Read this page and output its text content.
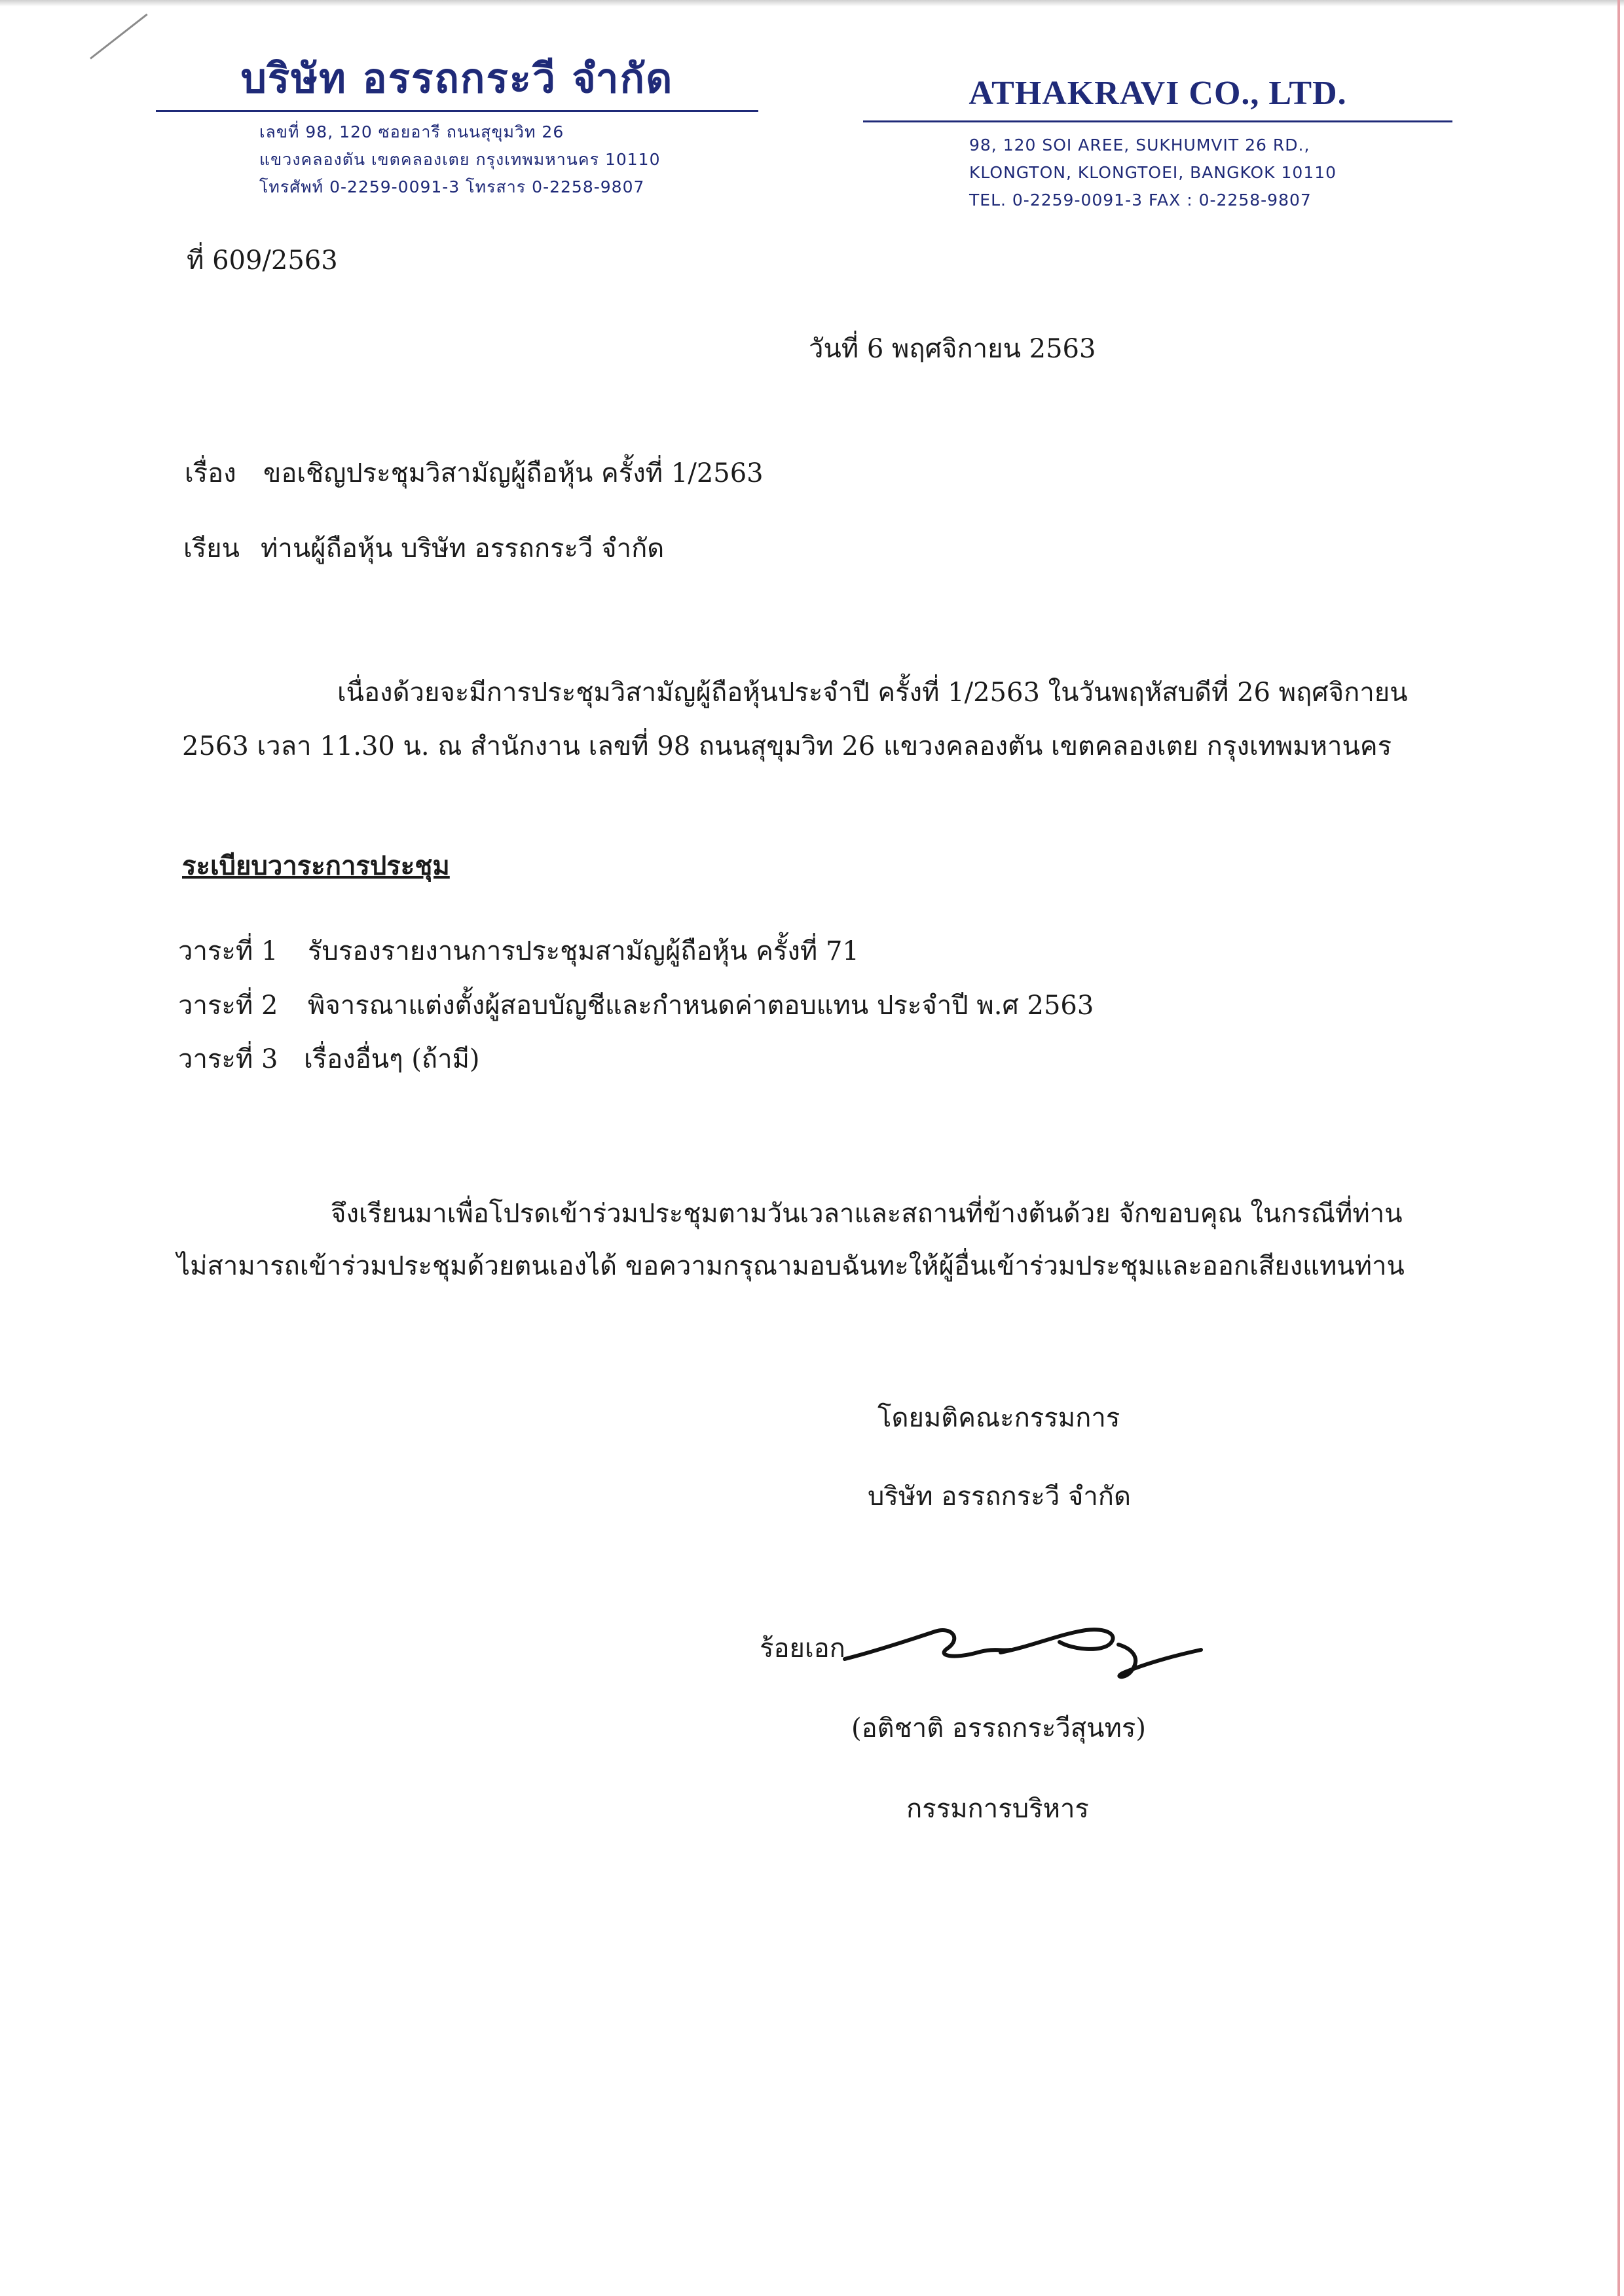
บริษัท อรรถกระวี จำกัด
เลขที่ 98, 120 ซอยอารี ถนนสุขุมวิท 26
แขวงคลองตัน เขตคลองเตย กรุงเทพมหานคร 10110
โทรศัพท์ 0-2259-0091-3 โทรสาร 0-2258-9807
ATHAKRAVI CO., LTD.
98, 120 SOI AREE, SUKHUMVIT 26 RD.,
KLONGTON, KLONGTOEI, BANGKOK 10110
TEL. 0-2259-0091-3 FAX : 0-2258-9807
ที่ 609/2563
วันที่ 6 พฤศจิกายน 2563
เรื่อง ขอเชิญประชุมวิสามัญผู้ถือหุ้น ครั้งที่ 1/2563
เรียน ท่านผู้ถือหุ้น บริษัท อรรถกระวี จำกัด
เนื่องด้วยจะมีการประชุมวิสามัญผู้ถือหุ้นประจำปี ครั้งที่ 1/2563 ในวันพฤหัสบดีที่ 26 พฤศจิกายน
2563 เวลา 11.30 น. ณ สำนักงาน เลขที่ 98 ถนนสุขุมวิท 26 แขวงคลองตัน เขตคลองเตย กรุงเทพมหานคร
ระเบียบวาระการประชุม
วาระที่ 1 รับรองรายงานการประชุมสามัญผู้ถือหุ้น ครั้งที่ 71
วาระที่ 2 พิจารณาแต่งตั้งผู้สอบบัญชีและกำหนดค่าตอบแทน ประจำปี พ.ศ 2563
วาระที่ 3 เรื่องอื่นๆ (ถ้ามี)
จึงเรียนมาเพื่อโปรดเข้าร่วมประชุมตามวันเวลาและสถานที่ข้างต้นด้วย จักขอบคุณ ในกรณีที่ท่าน
ไม่สามารถเข้าร่วมประชุมด้วยตนเองได้ ขอความกรุณามอบฉันทะให้ผู้อื่นเข้าร่วมประชุมและออกเสียงแทนท่าน
โดยมติคณะกรรมการ
บริษัท อรรถกระวี จำกัด
ร้อยเอก
(อติชาติ อรรถกระวีสุนทร)
กรรมการบริหาร
